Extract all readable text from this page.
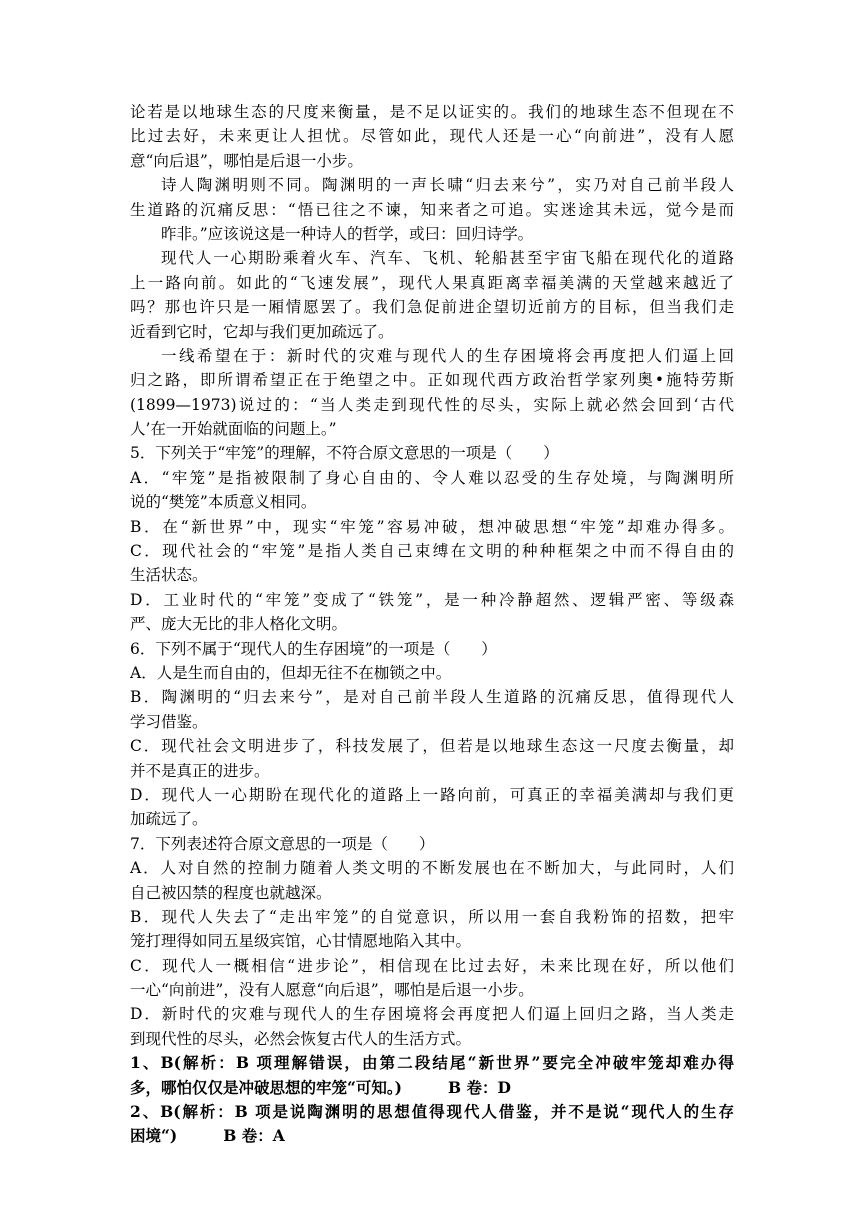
论若是以地球生态的尺度来衡量，是不足以证实的。我们的地球生态不但现在不
比过去好，未来更让人担忧。尽管如此，现代人还是一心“向前进”，没有人愿
意“向后退”，哪怕是后退一小步。
诗人陶渊明则不同。陶渊明的一声长啸“归去来兮”，实乃对自己前半段人
生道路的沉痛反思：“悟已往之不谏，知来者之可追。实迷途其未远，觉今是而
昨非。”应该说这是一种诗人的哲学，或曰：回归诗学。
现代人一心期盼乘着火车、汽车、飞机、轮船甚至宇宙飞船在现代化的道路
上一路向前。如此的“飞速发展”，现代人果真距离幸福美满的天堂越来越近了
吗？那也许只是一厢情愿罢了。我们急促前进企望切近前方的目标，但当我们走
近看到它时，它却与我们更加疏远了。
一线希望在于：新时代的灾难与现代人的生存困境将会再度把人们逼上回
归之路，即所谓希望正在于绝望之中。正如现代西方政治哲学家列奥•施特劳斯
(1899—1973)说过的：“当人类走到现代性的尽头，实际上就必然会回到‘古代
人’在一开始就面临的问题上。”
5．下列关于“牢笼”的理解，不符合原文意思的一项是（　　）
A．“牢笼”是指被限制了身心自由的、令人难以忍受的生存处境，与陶渊明所
说的“樊笼”本质意义相同。
B．在“新世界”中，现实“牢笼”容易冲破，想冲破思想“牢笼”却难办得多。
C．现代社会的“牢笼”是指人类自己束缚在文明的种种框架之中而不得自由的
生活状态。
D．工业时代的“牢笼”变成了“铁笼”，是一种冷静超然、逻辑严密、等级森
严、庞大无比的非人格化文明。
6．下列不属于“现代人的生存困境”的一项是（　　）
A．人是生而自由的，但却无往不在枷锁之中。
B．陶渊明的“归去来兮”，是对自己前半段人生道路的沉痛反思，值得现代人
学习借鉴。
C．现代社会文明进步了，科技发展了，但若是以地球生态这一尺度去衡量，却
并不是真正的进步。
D．现代人一心期盼在现代化的道路上一路向前，可真正的幸福美满却与我们更
加疏远了。
7．下列表述符合原文意思的一项是（　　）
A．人对自然的控制力随着人类文明的不断发展也在不断加大，与此同时，人们
自己被囚禁的程度也就越深。
B．现代人失去了“走出牢笼”的自觉意识，所以用一套自我粉饰的招数，把牢
笼打理得如同五星级宾馆，心甘情愿地陷入其中。
C．现代人一概相信“进步论”，相信现在比过去好，未来比现在好，所以他们
一心“向前进”，没有人愿意“向后退”，哪怕是后退一小步。
D．新时代的灾难与现代人的生存困境将会再度把人们逼上回归之路，当人类走
到现代性的尽头，必然会恢复古代人的生活方式。
1、B(解析：B 项理解错误，由第二段结尾“新世界”要完全冲破牢笼却难办得
多，哪怕仅仅是冲破思想的牢笼“可知。)	B 卷：D
2、B(解析：B 项是说陶渊明的思想值得现代人借鉴，并不是说“现代人的生存
困境“)	B 卷：A
